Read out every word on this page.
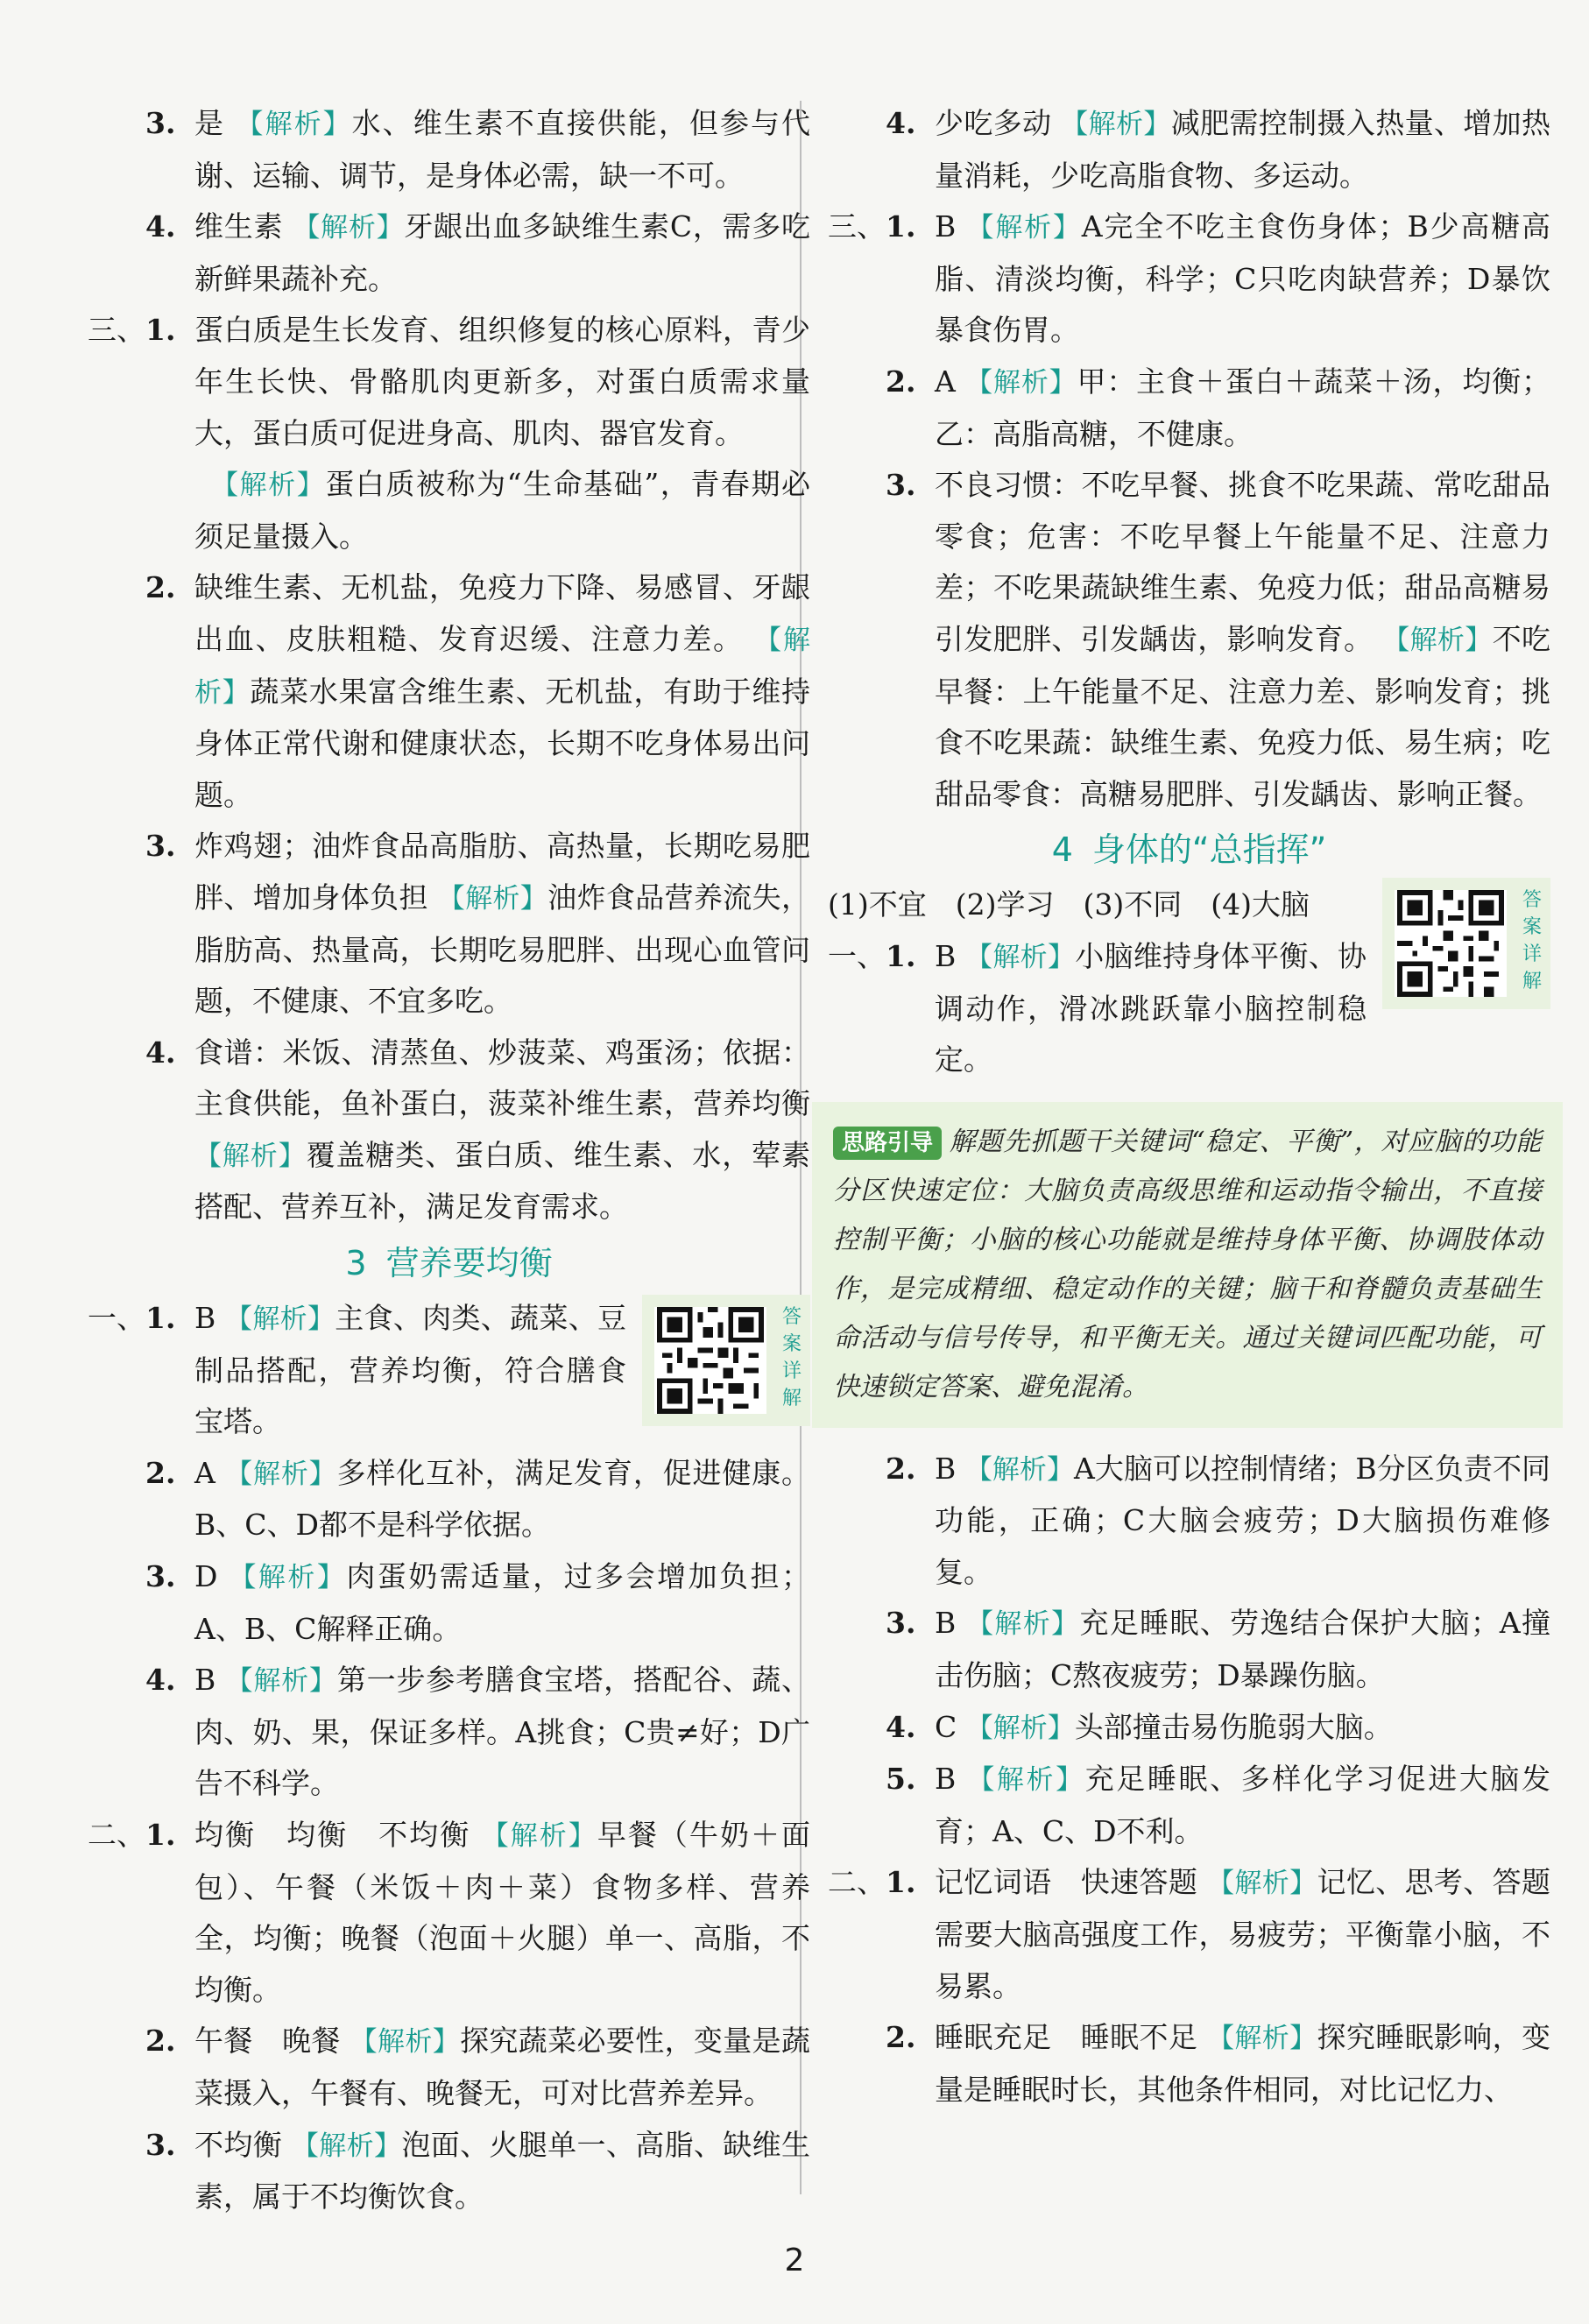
3. 是 【解析】水、维生素不直接供能，但参与代谢、运输、调节，是身体必需，缺一不可。
4. 维生素 【解析】牙龈出血多缺维生素C，需多吃新鲜果蔬补充。
三、 1. 蛋白质是生长发育、组织修复的核心原料，青少年生长快、骨骼肌肉更新多，对蛋白质需求量大，蛋白质可促进身高、肌肉、器官发育。
　【解析】蛋白质被称为“生命基础”，青春期必须足量摄入。
2. 缺维生素、无机盐，免疫力下降、易感冒、牙龈出血、皮肤粗糙、发育迟缓、注意力差。 【解析】蔬菜水果富含维生素、无机盐，有助于维持身体正常代谢和健康状态，长期不吃身体易出问题。
3. 炸鸡翅；油炸食品高脂肪、高热量，长期吃易肥胖、增加身体负担 【解析】油炸食品营养流失，脂肪高、热量高，长期吃易肥胖、出现心血管问题，不健康、不宜多吃。
4. 食谱：米饭、清蒸鱼、炒菠菜、鸡蛋汤；依据：主食供能，鱼补蛋白，菠菜补维生素，营养均衡 【解析】覆盖糖类、蛋白质、维生素、水，荤素搭配、营养互补，满足发育需求。
3 营养要均衡
一、 1. B 【解析】主食、肉类、蔬菜、豆制品搭配，营养均衡，符合膳食宝塔。
答案详解
2. A 【解析】多样化互补，满足发育，促进健康。B、C、D都不是科学依据。
3. D 【解析】肉蛋奶需适量，过多会增加负担；A、B、C解释正确。
4. B 【解析】第一步参考膳食宝塔，搭配谷、蔬、肉、奶、果，保证多样。A挑食；C贵≠好；D广告不科学。
二、 1. 均衡　均衡　不均衡 【解析】早餐（牛奶＋面包）、午餐（米饭＋肉＋菜）食物多样、营养全，均衡；晚餐（泡面＋火腿）单一、高脂，不均衡。
2. 午餐　晚餐 【解析】探究蔬菜必要性，变量是蔬菜摄入，午餐有、晚餐无，可对比营养差异。
3. 不均衡 【解析】泡面、火腿单一、高脂、缺维生素，属于不均衡饮食。
4. 少吃多动 【解析】减肥需控制摄入热量、增加热量消耗，少吃高脂食物、多运动。
三、 1. B 【解析】A完全不吃主食伤身体；B少高糖高脂、清淡均衡，科学；C只吃肉缺营养；D暴饮暴食伤胃。
2. A 【解析】甲：主食＋蛋白＋蔬菜＋汤，均衡；乙：高脂高糖，不健康。
3. 不良习惯：不吃早餐、挑食不吃果蔬、常吃甜品零食；危害：不吃早餐上午能量不足、注意力差；不吃果蔬缺维生素、免疫力低；甜品高糖易引发肥胖、引发龋齿，影响发育。 【解析】不吃早餐：上午能量不足、注意力差、影响发育；挑食不吃果蔬：缺维生素、免疫力低、易生病；吃甜品零食：高糖易肥胖、引发龋齿、影响正餐。
4 身体的“总指挥”
(1)不宜　(2)学习　(3)不同　(4)大脑	答案详解
一、 1. B 【解析】小脑维持身体平衡、协调动作，滑冰跳跃靠小脑控制稳定。
思路引导 解题先抓题干关键词“稳定、平衡”，对应脑的功能分区快速定位：大脑负责高级思维和运动指令输出，不直接控制平衡；小脑的核心功能就是维持身体平衡、协调肢体动作，是完成精细、稳定动作的关键；脑干和脊髓负责基础生命活动与信号传导，和平衡无关。通过关键词匹配功能，可快速锁定答案、避免混淆。
2. B 【解析】A大脑可以控制情绪；B分区负责不同功能，正确；C大脑会疲劳；D大脑损伤难修复。
3. B 【解析】充足睡眠、劳逸结合保护大脑；A撞击伤脑；C熬夜疲劳；D暴躁伤脑。
4. C 【解析】头部撞击易伤脆弱大脑。
5. B 【解析】充足睡眠、多样化学习促进大脑发育；A、C、D不利。
二、 1. 记忆词语　快速答题 【解析】记忆、思考、答题需要大脑高强度工作，易疲劳；平衡靠小脑，不易累。
2. 睡眠充足　睡眠不足 【解析】探究睡眠影响，变量是睡眠时长，其他条件相同，对比记忆力、
2
